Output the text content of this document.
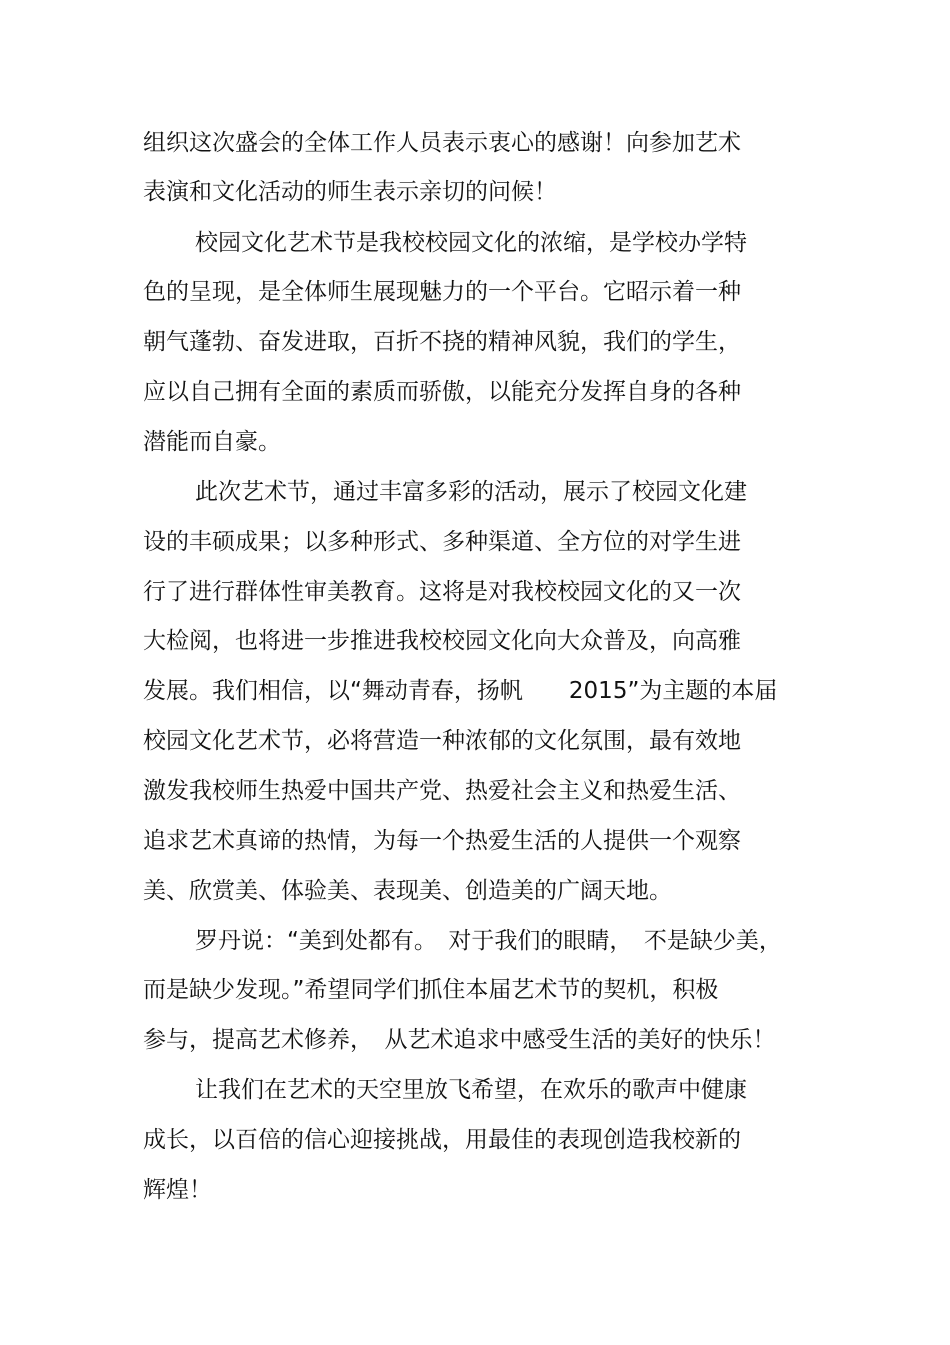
组织这次盛会的全体工作人员表示衷心的感谢！向参加艺术
表演和文化活动的师生表示亲切的问候！
校园文化艺术节是我校校园文化的浓缩，是学校办学特
色的呈现，是全体师生展现魅力的一个平台。它昭示着一种
朝气蓬勃、奋发进取，百折不挠的精神风貌，我们的学生，
应以自己拥有全面的素质而骄傲，以能充分发挥自身的各种
潜能而自豪。
此次艺术节，通过丰富多彩的活动，展示了校园文化建
设的丰硕成果；以多种形式、多种渠道、全方位的对学生进
行了进行群体性审美教育。这将是对我校校园文化的又一次
大检阅，也将进一步推进我校校园文化向大众普及，向高雅
发展。我们相信，以“舞动青春，扬帆　　2015”为主题的本届
校园文化艺术节，必将营造一种浓郁的文化氛围，最有效地
激发我校师生热爱中国共产党、热爱社会主义和热爱生活、
追求艺术真谛的热情，为每一个热爱生活的人提供一个观察
美、欣赏美、体验美、表现美、创造美的广阔天地。
罗丹说：“美到处都有。　对于我们的眼睛，　不是缺少美，
而是缺少发现。”希望同学们抓住本届艺术节的契机，积极
参与，提高艺术修养，　从艺术追求中感受生活的美好的快乐！
让我们在艺术的天空里放飞希望，在欢乐的歌声中健康
成长，以百倍的信心迎接挑战，用最佳的表现创造我校新的
辉煌！
